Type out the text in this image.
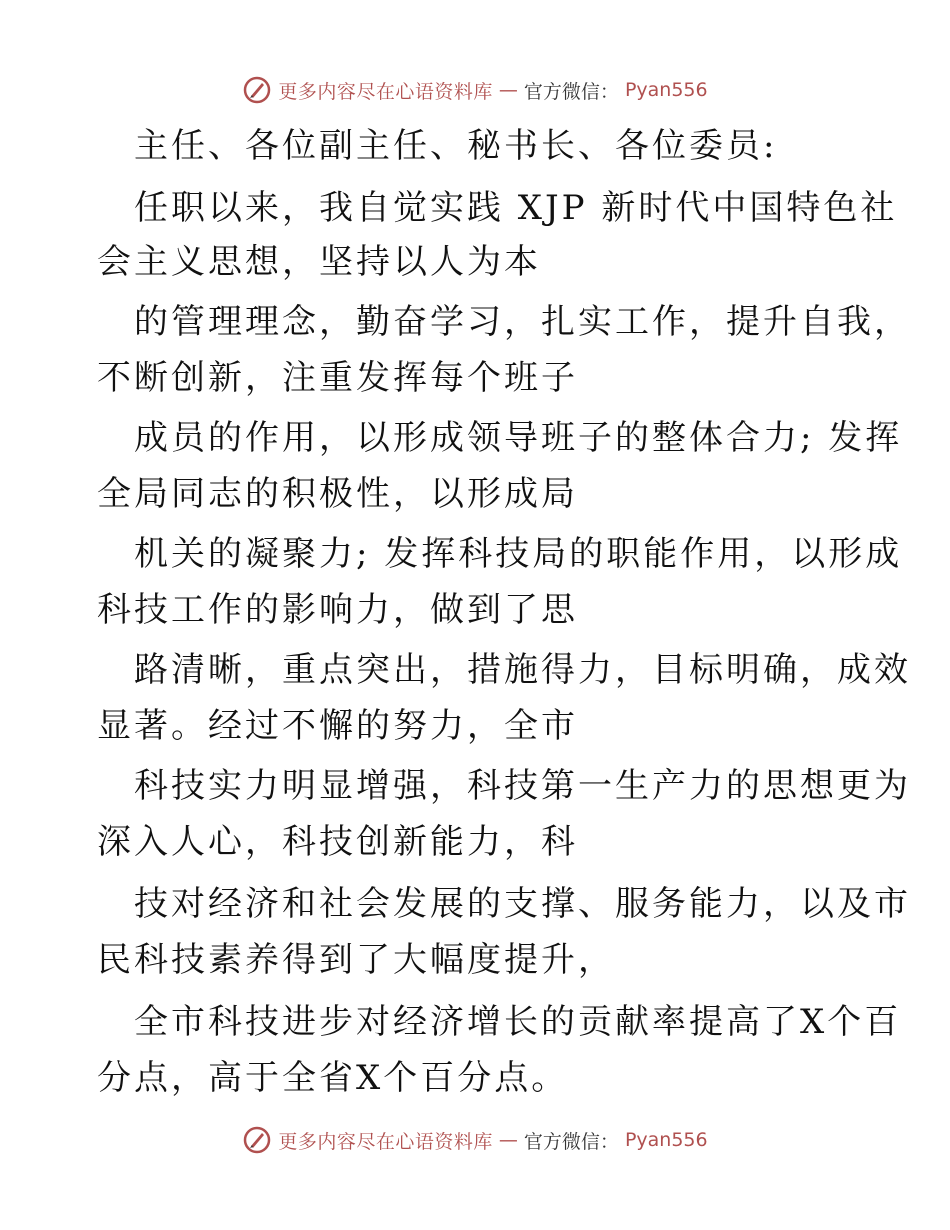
更多内容尽在心语资料库 — 官方微信： Pyan556
主任、各位副主任、秘书长、各位委员:
任职以来，我自觉实践 XJP 新时代中国特色社
会主义思想，坚持以人为本
的管理理念，勤奋学习，扎实工作，提升自我，
不断创新，注重发挥每个班子
成员的作用，以形成领导班子的整体合力; 发挥
全局同志的积极性，以形成局
机关的凝聚力; 发挥科技局的职能作用，以形成
科技工作的影响力，做到了思
路清晰，重点突出，措施得力，目标明确，成效
显著。经过不懈的努力，全市
科技实力明显增强，科技第一生产力的思想更为
深入人心，科技创新能力，科
技对经济和社会发展的支撑、服务能力，以及市
民科技素养得到了大幅度提升，
全市科技进步对经济增长的贡献率提高了X个百
分点，高于全省X个百分点。
更多内容尽在心语资料库 — 官方微信： Pyan556
